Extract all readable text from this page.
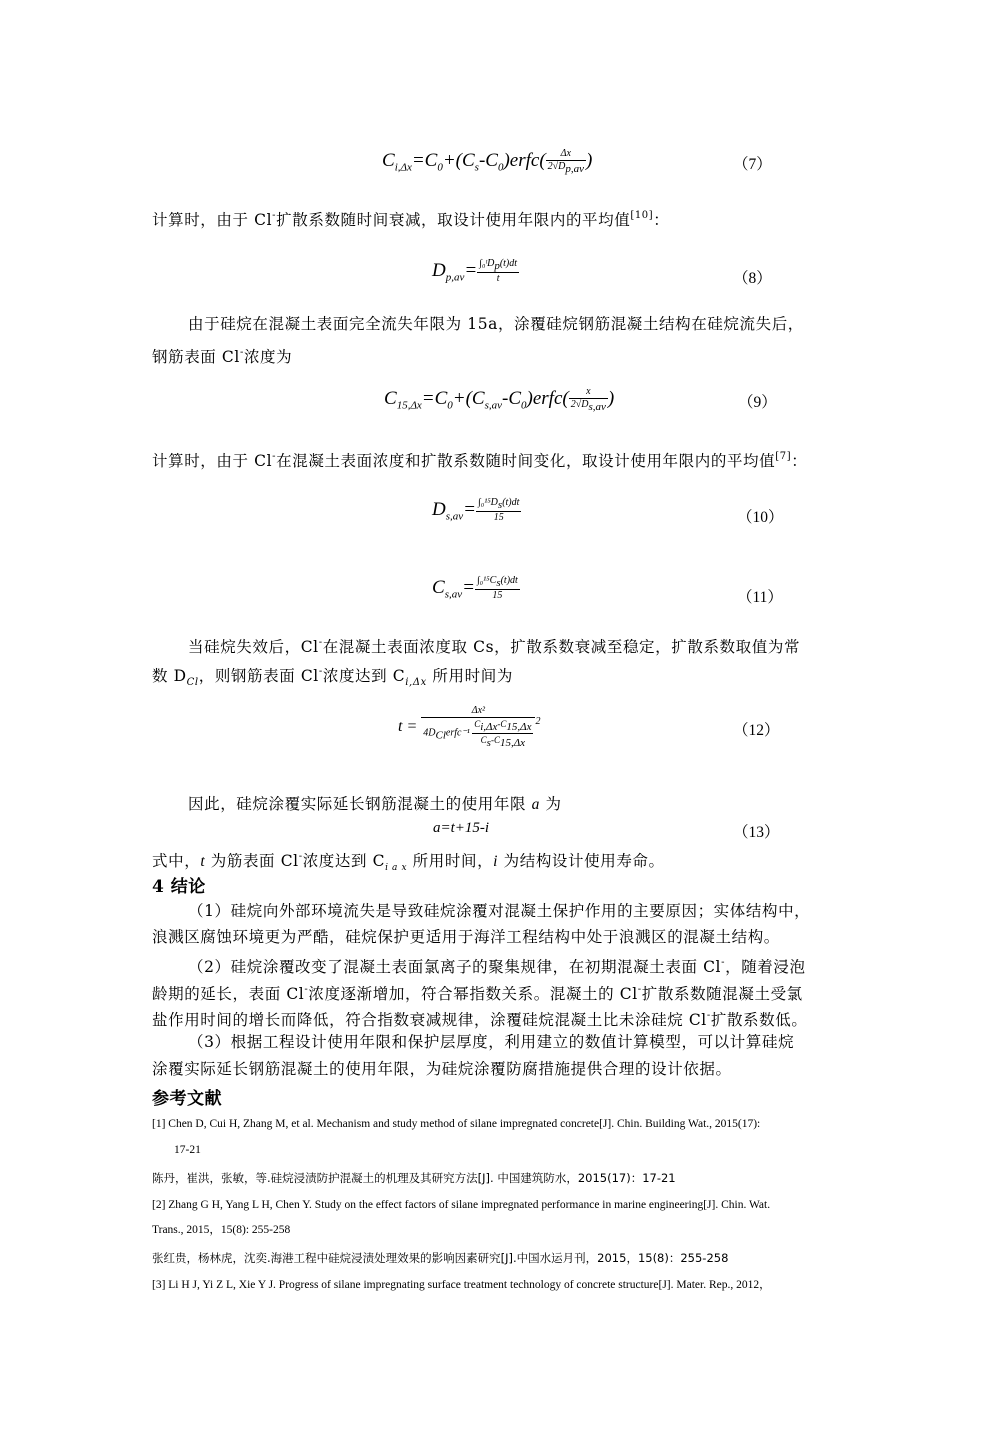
$C_{i,\Delta x}=C_0+(C_s-C_0)erfc( \frac{\Delta x}{2√D_{p,av}}$ )	（7）
计算时，由于 Cl-扩散系数随时间衰减，取设计使用年限内的平均值[10]：
$D_{p,av}= \frac{\int_0ᵗD_p(t)dt}{t}$	（8）
由于硅烷在混凝土表面完全流失年限为 15a，涂覆硅烷钢筋混凝土结构在硅烷流失后，
钢筋表面 Cl-浓度为
$C_{15,\Delta x}=C_0+(C_{s,av}-C_0)erfc( \frac{x}{2√D_{s,av}}$ )	（9）
计算时，由于 Cl-在混凝土表面浓度和扩散系数随时间变化，取设计使用年限内的平均值[7]：
$D_{s,av}= \frac{\int_0^{15}D_s(t)dt}{15}$	（10）
$C_{s,av}= \frac{\int_0^{15}C_s(t)dt}{15}$	（11）
当硅烷失效后，Cl-在混凝土表面浓度取 Cs，扩散系数衰减至稳定，扩散系数取值为常
数 $D_{Cl}$，则钢筋表面 Cl-浓度达到 $C_{i,\Delta x}$ 所用时间为
$t = \frac{\text{Δx²}}{4D_{Cl}erfc^{-1} \frac{C_{i,\Delta x}-C_{15,\Delta x}}{C_s-C_{15,\Delta x}}} ^2$
（12）
因此，硅烷涂覆实际延长钢筋混凝土的使用年限 a 为
a=t+15-i	（13）
式中，t 为筋表面 Cl-浓度达到 $C_{i a x}$ 所用时间，i 为结构设计使用寿命。
4 结论
（1）硅烷向外部环境流失是导致硅烷涂覆对混凝土保护作用的主要原因；实体结构中，
浪溅区腐蚀环境更为严酷，硅烷保护更适用于海洋工程结构中处于浪溅区的混凝土结构。
（2）硅烷涂覆改变了混凝土表面氯离子的聚集规律，在初期混凝土表面 Cl-，随着浸泡
龄期的延长，表面 Cl-浓度逐渐增加，符合幂指数关系。混凝土的 Cl-扩散系数随混凝土受氯
盐作用时间的增长而降低，符合指数衰减规律，涂覆硅烷混凝土比未涂硅烷 Cl-扩散系数低。
（3）根据工程设计使用年限和保护层厚度，利用建立的数值计算模型，可以计算硅烷
涂覆实际延长钢筋混凝土的使用年限，为硅烷涂覆防腐措施提供合理的设计依据。
参考文献
[1] Chen D, Cui H, Zhang M, et al. Mechanism and study method of silane impregnated concrete[J]. Chin. Building Wat., 2015(17):
17-21
陈丹，崔洪，张敏，等.硅烷浸渍防护混凝土的机理及其研究方法[J]. 中国建筑防水，2015(17)：17-21
[2] Zhang G H, Yang L H, Chen Y. Study on the effect factors of silane impregnated performance in marine engineering[J]. Chin. Wat.
Trans., 2015，15(8): 255-258
张红贵，杨林虎，沈奕.海港工程中硅烷浸渍处理效果的影响因素研究[J].中国水运月刊，2015，15(8)：255-258
[3] Li H J, Yi Z L, Xie Y J. Progress of silane impregnating surface treatment technology of concrete structure[J]. Mater. Rep., 2012，
